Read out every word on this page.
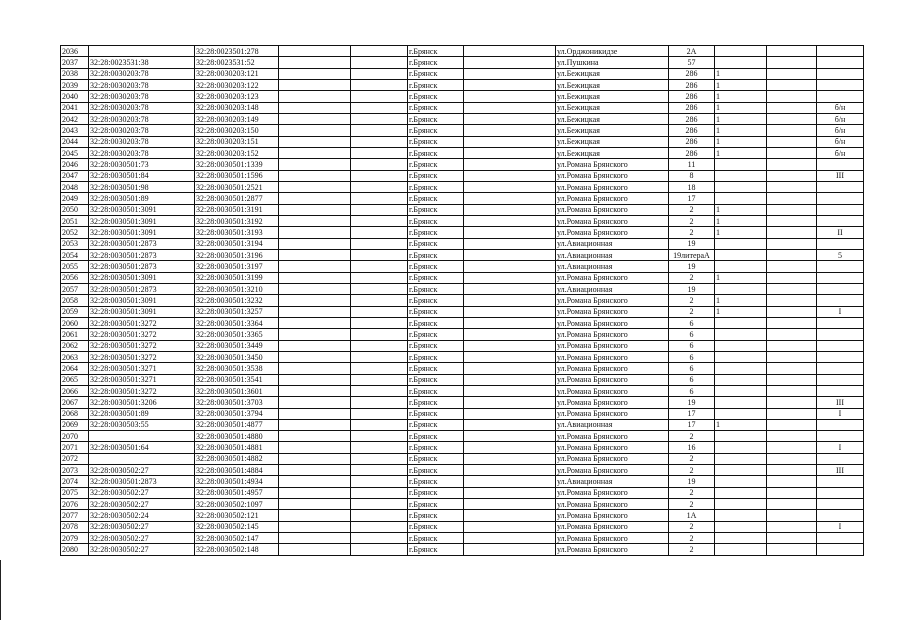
2036		32:28:0023501:278			г.Брянск		ул.Орджоникидзе	2А			
2037	32:28:0023531:38	32:28:0023531:52			г.Брянск		ул.Пушкина	57			
2038	32:28:0030203:78	32:28:0030203:121			г.Брянск		ул.Бежицкая	286	1		
2039	32:28:0030203:78	32:28:0030203:122			г.Брянск		ул.Бежицкая	286	1		
2040	32:28:0030203:78	32:28:0030203:123			г.Брянск		ул.Бежицкая	286	1		
2041	32:28:0030203:78	32:28:0030203:148			г.Брянск		ул.Бежицкая	286	1		б/н
2042	32:28:0030203:78	32:28:0030203:149			г.Брянск		ул.Бежицкая	286	1		б/н
2043	32:28:0030203:78	32:28:0030203:150			г.Брянск		ул.Бежицкая	286	1		б/н
2044	32:28:0030203:78	32:28:0030203:151			г.Брянск		ул.Бежицкая	286	1		б/н
2045	32:28:0030203:78	32:28:0030203:152			г.Брянск		ул.Бежицкая	286	1		б/н
2046	32:28:0030501:73	32:28:0030501:1339			г.Брянск		ул.Романа Брянского	11			
2047	32:28:0030501:84	32:28:0030501:1596			г.Брянск		ул.Романа Брянского	8			III
2048	32:28:0030501:98	32:28:0030501:2521			г.Брянск		ул.Романа Брянского	18			
2049	32:28:0030501:89	32:28:0030501:2877			г.Брянск		ул.Романа Брянского	17			
2050	32:28:0030501:3091	32:28:0030501:3191			г.Брянск		ул.Романа Брянского	2	1		
2051	32:28:0030501:3091	32:28:0030501:3192			г.Брянск		ул.Романа Брянского	2	1		
2052	32:28:0030501:3091	32:28:0030501:3193			г.Брянск		ул.Романа Брянского	2	1		II
2053	32:28:0030501:2873	32:28:0030501:3194			г.Брянск		ул.Авиационная	19			
2054	32:28:0030501:2873	32:28:0030501:3196			г.Брянск		ул.Авиационная	19литераА			5
2055	32:28:0030501:2873	32:28:0030501:3197			г.Брянск		ул.Авиационная	19			
2056	32:28:0030501:3091	32:28:0030501:3199			г.Брянск		ул.Романа Брянского	2	1		
2057	32:28:0030501:2873	32:28:0030501:3210			г.Брянск		ул.Авиационная	19			
2058	32:28:0030501:3091	32:28:0030501:3232			г.Брянск		ул.Романа Брянского	2	1		
2059	32:28:0030501:3091	32:28:0030501:3257			г.Брянск		ул.Романа Брянского	2	1		I
2060	32:28:0030501:3272	32:28:0030501:3364			г.Брянск		ул.Романа Брянского	6			
2061	32:28:0030501:3272	32:28:0030501:3365			г.Брянск		ул.Романа Брянского	6			
2062	32:28:0030501:3272	32:28:0030501:3449			г.Брянск		ул.Романа Брянского	6			
2063	32:28:0030501:3272	32:28:0030501:3450			г.Брянск		ул.Романа Брянского	6			
2064	32:28:0030501:3271	32:28:0030501:3538			г.Брянск		ул.Романа Брянского	6			
2065	32:28:0030501:3271	32:28:0030501:3541			г.Брянск		ул.Романа Брянского	6			
2066	32:28:0030501:3272	32:28:0030501:3601			г.Брянск		ул.Романа Брянского	6			
2067	32:28:0030501:3206	32:28:0030501:3703			г.Брянск		ул.Романа Брянского	19			III
2068	32:28:0030501:89	32:28:0030501:3794			г.Брянск		ул.Романа Брянского	17			I
2069	32:28:0030503:55	32:28:0030501:4877			г.Брянск		ул.Авиационная	17	1		
2070		32:28:0030501:4880			г.Брянск		ул.Романа Брянского	2			
2071	32:28:0030501:64	32:28:0030501:4881			г.Брянск		ул.Романа Брянского	16			I
2072		32:28:0030501:4882			г.Брянск		ул.Романа Брянского	2			
2073	32:28:0030502:27	32:28:0030501:4884			г.Брянск		ул.Романа Брянского	2			III
2074	32:28:0030501:2873	32:28:0030501:4934			г.Брянск		ул.Авиационная	19			
2075	32:28:0030502:27	32:28:0030501:4957			г.Брянск		ул.Романа Брянского	2			
2076	32:28:0030502:27	32:28:0030502:1097			г.Брянск		ул.Романа Брянского	2			
2077	32:28:0030502:24	32:28:0030502:121			г.Брянск		ул.Романа Брянского	1А			
2078	32:28:0030502:27	32:28:0030502:145			г.Брянск		ул.Романа Брянского	2			I
2079	32:28:0030502:27	32:28:0030502:147			г.Брянск		ул.Романа Брянского	2			
2080	32:28:0030502:27	32:28:0030502:148			г.Брянск		ул.Романа Брянского	2			
